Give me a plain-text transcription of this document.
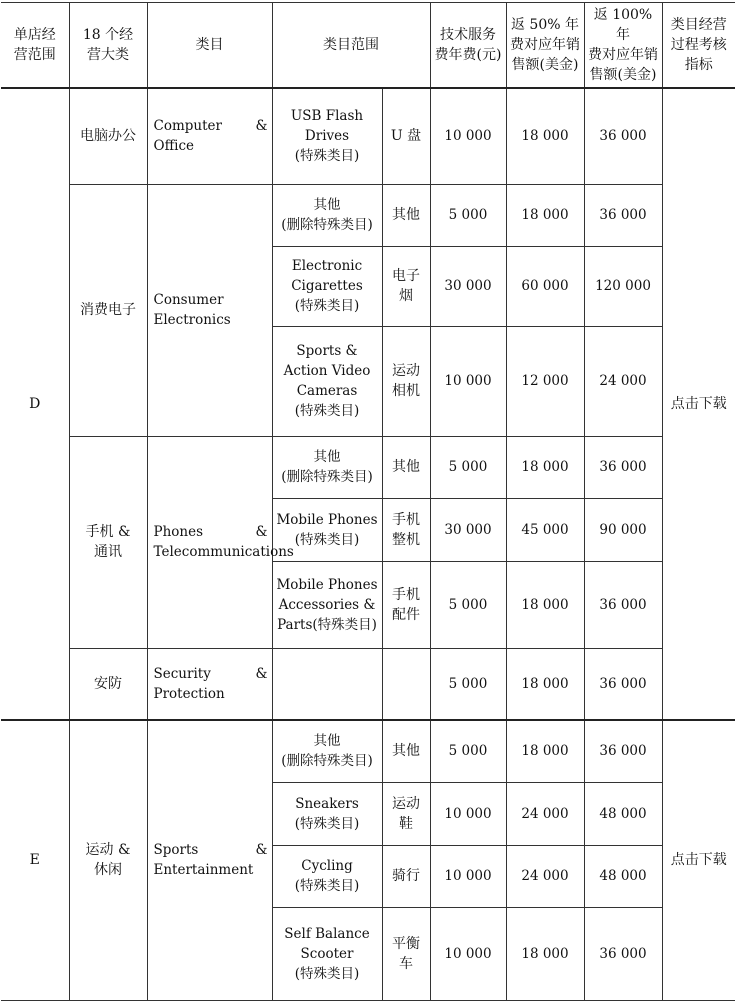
单店经
营范围	18 个经
营大类	类目	类目范围		技术服务
费年费(元)	返 50% 年
费对应年销
售额(美金)	返 100% 年
费对应年销
售额(美金)	类目经营
过程考核
指标
D	电脑办公	Computer & Office	USB Flash
Drives
(特殊类目)	U 盘	10 000	18 000	36 000	点击下载
	消费电子	Consumer Electronics	其他
(删除特殊类目)	其他	5 000	18 000	36 000	
			Electronic
Cigarettes
(特殊类目)	电子烟	30 000	60 000	120 000	
			Sports &
Action Video
Cameras
(特殊类目)	运动
相机	10 000	12 000	24 000	
	手机 &
通讯	Phones & Telecommunications	其他
(删除特殊类目)	其他	5 000	18 000	36 000	
			Mobile Phones
(特殊类目)	手机
整机	30 000	45 000	90 000	
			Mobile Phones
Accessories &
Parts(特殊类目)	手机
配件	5 000	18 000	36 000	
	安防	Security & Protection			5 000	18 000	36 000	
E	运动 &
休闲	Sports & Entertainment	其他
(删除特殊类目)	其他	5 000	18 000	36 000	点击下载
			Sneakers
(特殊类目)	运动鞋	10 000	24 000	48 000	
			Cycling
(特殊类目)	骑行	10 000	24 000	48 000	
			Self Balance
Scooter
(特殊类目)	平衡车	10 000	18 000	36 000	
